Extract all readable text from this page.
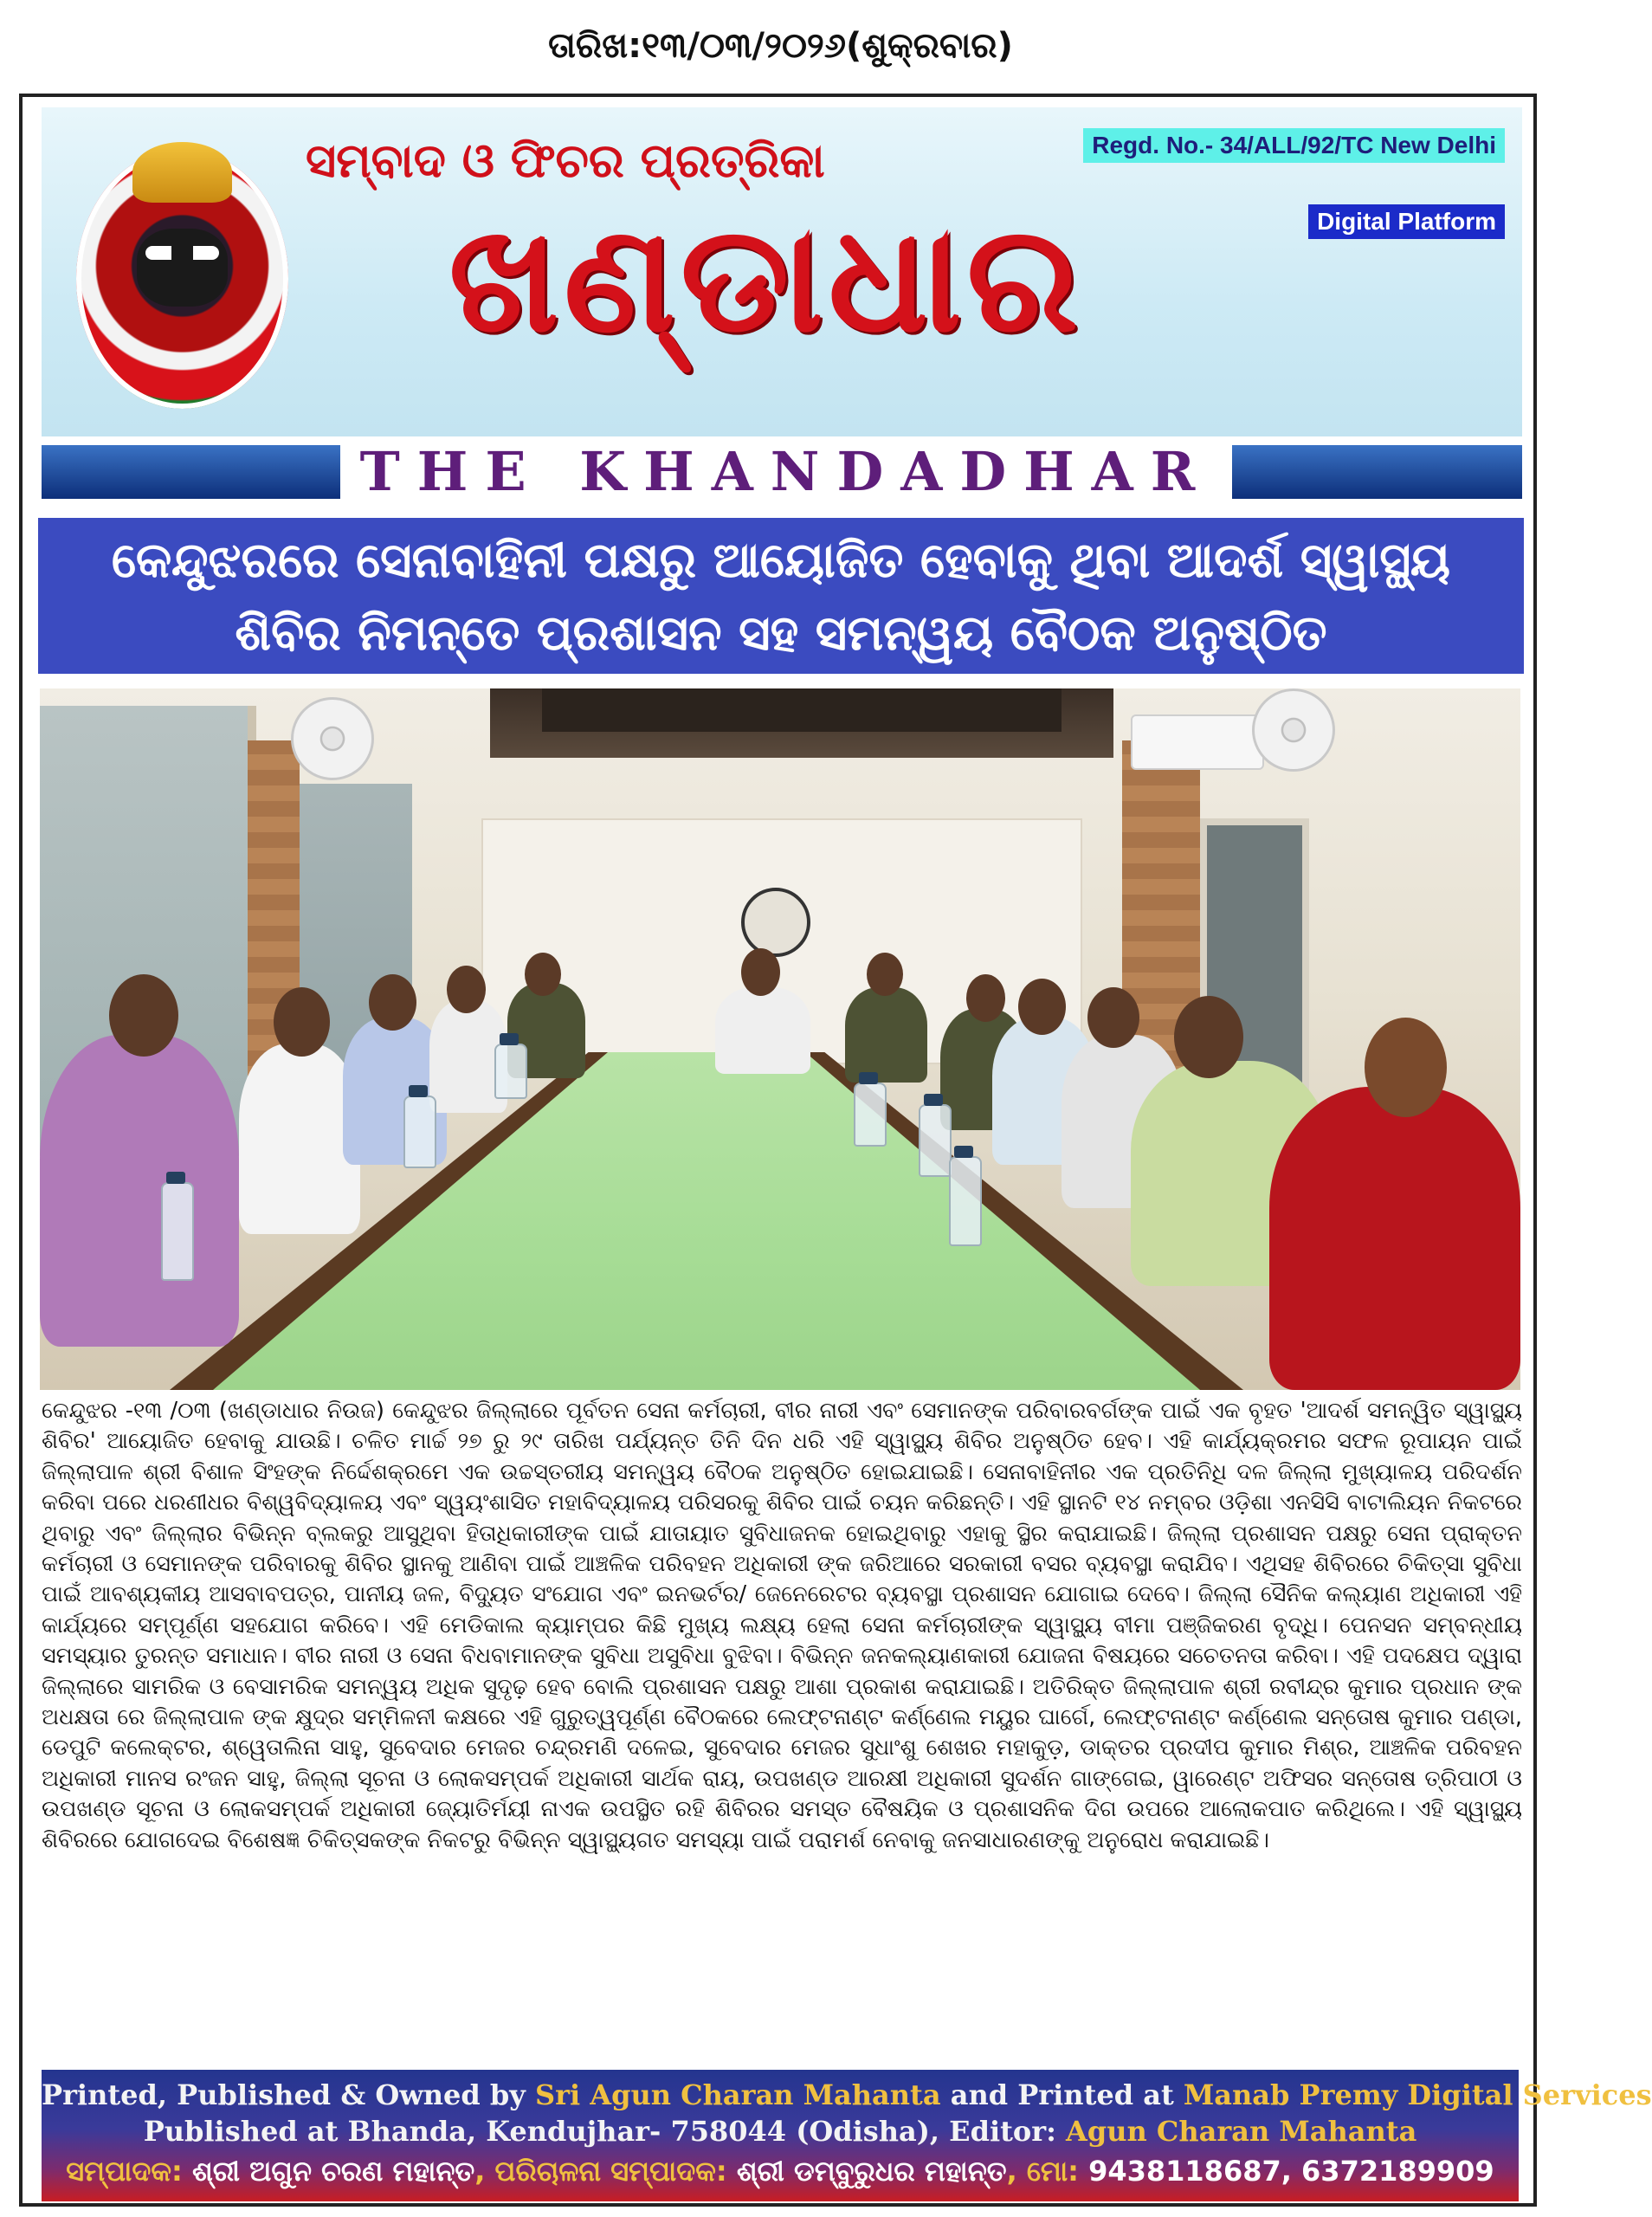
ତାରିଖ:୧୩/୦୩/୨୦୨୬(ଶୁକ୍ରବାର)
ସମ୍ବାଦ ଓ ଫିଚର ପ୍ରତ୍ରିକା
ଖଣ୍ଡାଧାର
Regd. No.- 34/ALL/92/TC New Delhi
Digital Platform
THE KHANDADHAR
କେନ୍ଦୁଝରରେ ସେନାବାହିନୀ ପକ୍ଷରୁ ଆୟୋଜିତ ହେବାକୁ ଥିବା ଆଦର୍ଶ ସ୍ୱାସ୍ଥ୍ୟ
ଶିବିର ନିମନ୍ତେ ପ୍ରଶାସନ ସହ ସମନ୍ୱୟ ବୈଠକ ଅନୁଷ୍ଠିତ
କେନ୍ଦୁଝର -୧୩ /୦୩ (ଖଣ୍ଡାଧାର ନିଉଜ) କେନ୍ଦୁଝର ଜିଲ୍ଲାରେ ପୂର୍ବତନ ସେନା କର୍ମଚାରୀ, ବୀର ନାରୀ ଏବଂ ସେମାନଙ୍କ ପରିବାରବର୍ଗଙ୍କ ପାଇଁ ଏକ ବୃହତ 'ଆଦର୍ଶ ସମନ୍ୱିତ ସ୍ୱାସ୍ଥ୍ୟ ଶିବିର' ଆୟୋଜିତ ହେବାକୁ ଯାଉଛି। ଚଳିତ ମାର୍ଚ୍ଚ ୨୭ ରୁ ୨୯ ତାରିଖ ପର୍ଯ୍ୟନ୍ତ ତିନି ଦିନ ଧରି ଏହି ସ୍ୱାସ୍ଥ୍ୟ ଶିବିର ଅନୁଷ୍ଠିତ ହେବ। ଏହି କାର୍ଯ୍ୟକ୍ରମର ସଫଳ ରୂପାୟନ ପାଇଁ ଜିଲ୍ଲାପାଳ ଶ୍ରୀ ବିଶାଳ ସିଂହଙ୍କ ନିର୍ଦ୍ଦେଶକ୍ରମେ ଏକ ଉଚ୍ଚସ୍ତରୀୟ ସମନ୍ୱୟ ବୈଠକ ଅନୁଷ୍ଠିତ ହୋଇଯାଇଛି। ସେନାବାହିନୀର ଏକ ପ୍ରତିନିଧି ଦଳ ଜିଲ୍ଲା ମୁଖ୍ୟାଳୟ ପରିଦର୍ଶନ କରିବା ପରେ ଧରଣୀଧର ବିଶ୍ୱବିଦ୍ୟାଳୟ ଏବଂ ସ୍ୱୟଂଶାସିତ ମହାବିଦ୍ୟାଳୟ ପରିସରକୁ ଶିବିର ପାଇଁ ଚୟନ କରିଛନ୍ତି। ଏହି ସ୍ଥାନଟି ୧୪ ନମ୍ବର ଓଡ଼ିଶା ଏନସିସି ବାଟାଲିୟନ ନିକଟରେ ଥିବାରୁ ଏବଂ ଜିଲ୍ଲାର ବିଭିନ୍ନ ବ୍ଲକରୁ ଆସୁଥିବା ହିତାଧିକାରୀଙ୍କ ପାଇଁ ଯାତାୟାତ ସୁବିଧାଜନକ ହୋଇଥିବାରୁ ଏହାକୁ ସ୍ଥିର କରାଯାଇଛି। ଜିଲ୍ଲା ପ୍ରଶାସନ ପକ୍ଷରୁ ସେନା ପ୍ରାକ୍ତନ କର୍ମଚାରୀ ଓ ସେମାନଙ୍କ ପରିବାରକୁ ଶିବିର ସ୍ଥାନକୁ ଆଣିବା ପାଇଁ ଆଞ୍ଚଳିକ ପରିବହନ ଅଧିକାରୀ ଙ୍କ ଜରିଆରେ ସରକାରୀ ବସର ବ୍ୟବସ୍ଥା କରାଯିବ। ଏଥିସହ ଶିବିରରେ ଚିକିତ୍ସା ସୁବିଧା ପାଇଁ ଆବଶ୍ୟକୀୟ ଆସବାବପତ୍ର, ପାନୀୟ ଜଳ, ବିଦ୍ୟୁତ ସଂଯୋଗ ଏବଂ ଇନଭର୍ଟର/ ଜେନେରେଟର ବ୍ୟବସ୍ଥା ପ୍ରଶାସନ ଯୋଗାଇ ଦେବେ। ଜିଲ୍ଲା ସୈନିକ କଲ୍ୟାଣ ଅଧିକାରୀ ଏହି କାର୍ଯ୍ୟରେ ସମ୍ପୂର୍ଣ୍ଣ ସହଯୋଗ କରିବେ। ଏହି ମେଡିକାଲ କ୍ୟାମ୍ପର କିଛି ମୁଖ୍ୟ ଲକ୍ଷ୍ୟ ହେଲା ସେନା କର୍ମଚାରୀଙ୍କ ସ୍ୱାସ୍ଥ୍ୟ ବୀମା ପଞ୍ଜିକରଣ ବୃଦ୍ଧି। ପେନସନ ସମ୍ବନ୍ଧୀୟ ସମସ୍ୟାର ତୁରନ୍ତ ସମାଧାନ। ବୀର ନାରୀ ଓ ସେନା ବିଧବାମାନଙ୍କ ସୁବିଧା ଅସୁବିଧା ବୁଝିବା। ବିଭିନ୍ନ ଜନକଲ୍ୟାଣକାରୀ ଯୋଜନା ବିଷୟରେ ସଚେତନତା କରିବା। ଏହି ପଦକ୍ଷେପ ଦ୍ୱାରା ଜିଲ୍ଲାରେ ସାମରିକ ଓ ବେସାମରିକ ସମନ୍ୱୟ ଅଧିକ ସୁଦୃଢ଼ ହେବ ବୋଲି ପ୍ରଶାସନ ପକ୍ଷରୁ ଆଶା ପ୍ରକାଶ କରାଯାଇଛି। ଅତିରିକ୍ତ ଜିଲ୍ଲାପାଳ ଶ୍ରୀ ରବୀନ୍ଦ୍ର କୁମାର ପ୍ରଧାନ ଙ୍କ ଅଧକ୍ଷତା ରେ ଜିଲ୍ଲାପାଳ ଙ୍କ କ୍ଷୁଦ୍ର ସମ୍ମିଳନୀ କକ୍ଷରେ ଏହି ଗୁରୁତ୍ୱପୂର୍ଣ୍ଣ ବୈଠକରେ ଲେଫ୍ଟନାଣ୍ଟ କର୍ଣ୍ଣେଲ ମୟୁର ଘାର୍ଗେ, ଲେଫ୍ଟନାଣ୍ଟ କର୍ଣ୍ଣେଲ ସନ୍ତୋଷ କୁମାର ପଣ୍ଡା, ଡେପୁଟି କଲେକ୍ଟର, ଶ୍ୱେତାଲିନା ସାହୁ, ସୁବେଦାର ମେଜର ଚନ୍ଦ୍ରମଣି ଦଳେଇ, ସୁବେଦାର ମେଜର ସୁଧାଂଶୁ ଶେଖର ମହାକୁଡ଼, ଡାକ୍ତର ପ୍ରଦୀପ କୁମାର ମିଶ୍ର, ଆଞ୍ଚଳିକ ପରିବହନ ଅଧିକାରୀ ମାନସ ରଂଜନ ସାହୁ, ଜିଲ୍ଲା ସୂଚନା ଓ ଲୋକସମ୍ପର୍କ ଅଧିକାରୀ ସାର୍ଥକ ରାୟ, ଉପଖଣ୍ଡ ଆରକ୍ଷୀ ଅଧିକାରୀ ସୁଦର୍ଶନ ଗାଙ୍ଗେଇ, ୱାରେଣ୍ଟ ଅଫିସର ସନ୍ତୋଷ ତ୍ରିପାଠୀ ଓ ଉପଖଣ୍ଡ ସୂଚନା ଓ ଲୋକସମ୍ପର୍କ ଅଧିକାରୀ ଜ୍ୟୋତିର୍ମୟୀ ନାଏକ ଉପସ୍ଥିତ ରହି ଶିବିରର ସମସ୍ତ ବୈଷୟିକ ଓ ପ୍ରଶାସନିକ ଦିଗ ଉପରେ ଆଲୋକପାତ କରିଥିଲେ। ଏହି ସ୍ୱାସ୍ଥ୍ୟ ଶିବିରରେ ଯୋଗଦେଇ ବିଶେଷଜ୍ଞ ଚିକିତ୍ସକଙ୍କ ନିକଟରୁ ବିଭିନ୍ନ ସ୍ୱାସ୍ଥ୍ୟଗତ ସମସ୍ୟା ପାଇଁ ପରାମର୍ଶ ନେବାକୁ ଜନସାଧାରଣଙ୍କୁ ଅନୁରୋଧ କରାଯାଇଛି।
Printed, Published & Owned by Sri Agun Charan Mahanta and Printed at Manab Premy Digital Services
Published at Bhanda, Kendujhar- 758044 (Odisha), Editor: Agun Charan Mahanta
ସମ୍ପାଦକ: ଶ୍ରୀ ଅଗୁନ ଚରଣ ମହାନ୍ତ, ପରିଚାଳନା ସମ୍ପାଦକ: ଶ୍ରୀ ଡମ୍ବୁରୁଧର ମହାନ୍ତ, ମୋ: 9438118687, 6372189909
